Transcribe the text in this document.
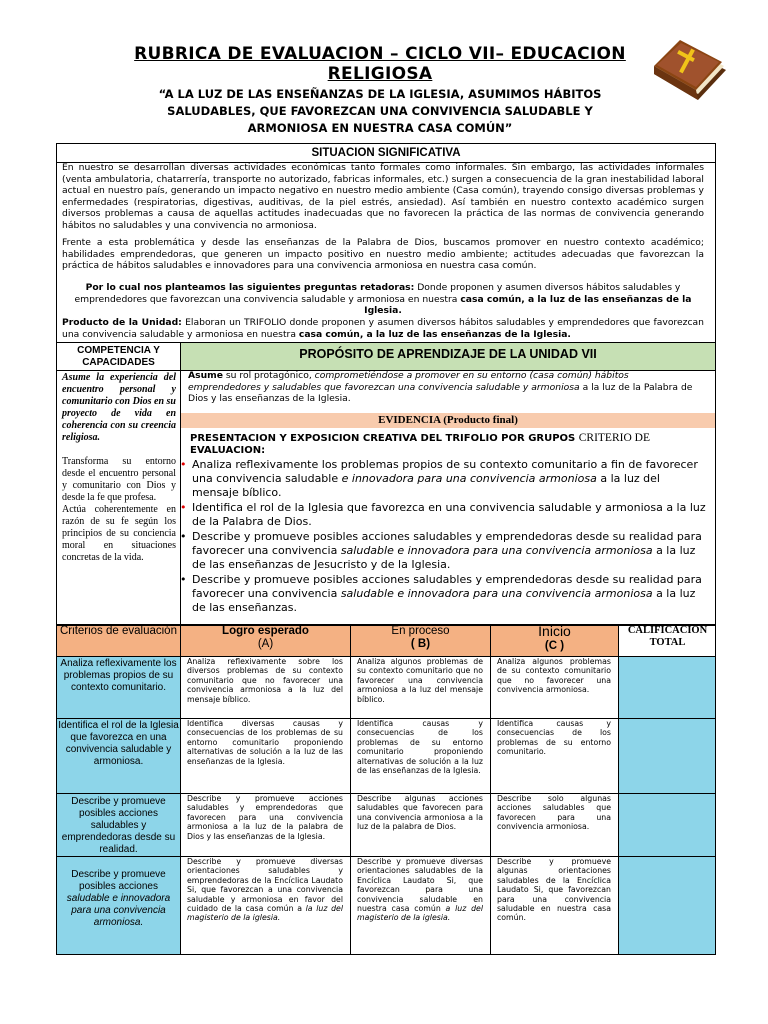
RUBRICA DE EVALUACION – CICLO VII– EDUCACION
RELIGIOSA
“A LA LUZ DE LAS ENSEÑANZAS DE LA IGLESIA, ASUMIMOS HÁBITOS
SALUDABLES, QUE FAVOREZCAN UNA CONVIVENCIA SALUDABLE Y
ARMONIOSA EN NUESTRA CASA COMÚN”
SITUACION SIGNIFICATIVA
En nuestro se desarrollan diversas actividades económicas tanto formales como informales. Sin embargo, las actividades informales (venta ambulatoria, chatarrería, transporte no autorizado, fabricas informales, etc.) surgen a consecuencia de la gran inestabilidad laboral actual en nuestro país, generando un impacto negativo en nuestro medio ambiente (Casa común), trayendo consigo diversas problemas y enfermedades (respiratorias, digestivas, auditivas, de la piel estrés, ansiedad). Así también en nuestro contexto académico surgen diversos problemas a causa de aquellas actitudes inadecuadas que no favorecen la práctica de las normas de convivencia generando hábitos no saludables y una convivencia no armoniosa.
Frente a esta problemática y desde las enseñanzas de la Palabra de Dios, buscamos promover en nuestro contexto académico; habilidades emprendedoras, que generen un impacto positivo en nuestro medio ambiente; actitudes adecuadas que favorezcan la práctica de hábitos saludables e innovadores para una convivencia armoniosa en nuestra casa común.
Por lo cual nos planteamos las siguientes preguntas retadoras: Donde proponen y asumen diversos hábitos saludables y emprendedores que favorezcan una convivencia saludable y armoniosa en nuestra casa común, a la luz de las enseñanzas de la Iglesia.
Producto de la Unidad: Elaboran un TRIFOLIO donde proponen y asumen diversos hábitos saludables y emprendedores que favorezcan una convivencia saludable y armoniosa en nuestra casa común, a la luz de las enseñanzas de la Iglesia.
COMPETENCIA Y CAPACIDADES
PROPÓSITO DE APRENDIZAJE DE LA UNIDAD VII
Asume la experiencia del encuentro personal y comunitario con Dios en su proyecto de vida en coherencia con su creencia religiosa.
Transforma su entorno desde el encuentro personal y comunitario con Dios y desde la fe que profesa.
Actúa coherentemente en razón de su fe según los principios de su conciencia moral en situaciones concretas de la vida.
Asume su rol protagónico, comprometiéndose a promover en su entorno (casa común) hábitos emprendedores y saludables que favorezcan una convivencia saludable y armoniosa a la luz de la Palabra de Dios y las enseñanzas de la Iglesia.
EVIDENCIA (Producto final)
PRESENTACION Y EXPOSICION CREATIVA DEL TRIFOLIO POR GRUPOS CRITERIO DE
EVALUACION:
• Analiza reflexivamente los problemas propios de su contexto comunitario a fin de favorecer una convivencia saludable e innovadora para una convivencia armoniosa a la luz del mensaje bíblico.
• Identifica el rol de la Iglesia que favorezca en una convivencia saludable y armoniosa a la luz de la Palabra de Dios.
• Describe y promueve posibles acciones saludables y emprendedoras desde su realidad para favorecer una convivencia saludable e innovadora para una convivencia armoniosa a la luz de las enseñanzas de Jesucristo y de la Iglesia.
• Describe y promueve posibles acciones saludables y emprendedoras desde su realidad para favorecer una convivencia saludable e innovadora para una convivencia armoniosa a la luz de las enseñanzas.
Criterios de evaluación	Logro esperado
(A)
En proceso
( B)
Inicio
(C )
CALIFICACION TOTAL
Analiza reflexivamente los problemas propios de su contexto comunitario.
Analiza reflexivamente sobre los diversos problemas de su contexto comunitario que no favorecer una convivencia armoniosa a la luz del mensaje bíblico.
Analiza algunos problemas de su contexto comunitario que no favorecer una convivencia armoniosa a la luz del mensaje bíblico.
Analiza algunos problemas de su contexto comunitario que no favorecer una convivencia armoniosa.
Identifica el rol de la Iglesia que favorezca en una convivencia saludable y armoniosa.
Identifica diversas causas y consecuencias de los problemas de su entorno comunitario proponiendo alternativas de solución a la luz de las enseñanzas de la Iglesia.
Identifica causas y consecuencias de los problemas de su entorno comunitario proponiendo alternativas de solución a la luz de las enseñanzas de la Iglesia.
Identifica causas y consecuencias de los problemas de su entorno comunitario.
Describe y promueve posibles acciones saludables y emprendedoras desde su realidad.
Describe y promueve acciones saludables y emprendedoras que favorecen para una convivencia armoniosa a la luz de la palabra de Dios y las enseñanzas de la Iglesia.
Describe algunas acciones saludables que favorecen para una convivencia armoniosa a la luz de la palabra de Dios.
Describe solo algunas acciones saludables que favorecen para una convivencia armoniosa.
Describe y promueve posibles acciones saludable e innovadora para una convivencia armoniosa.
Describe y promueve diversas orientaciones saludables y emprendedoras de la Encíclica Laudato Si, que favorezcan a una convivencia saludable y armoniosa en favor del cuidado de la casa común a la luz del magisterio de la iglesia.
Describe y promueve diversas orientaciones saludables de la Encíclica Laudato Si, que favorezcan para una convivencia saludable en nuestra casa común a luz del magisterio de la iglesia.
Describe y promueve algunas orientaciones saludables de la Encíclica Laudato Si, que favorezcan para una convivencia saludable en nuestra casa común.
